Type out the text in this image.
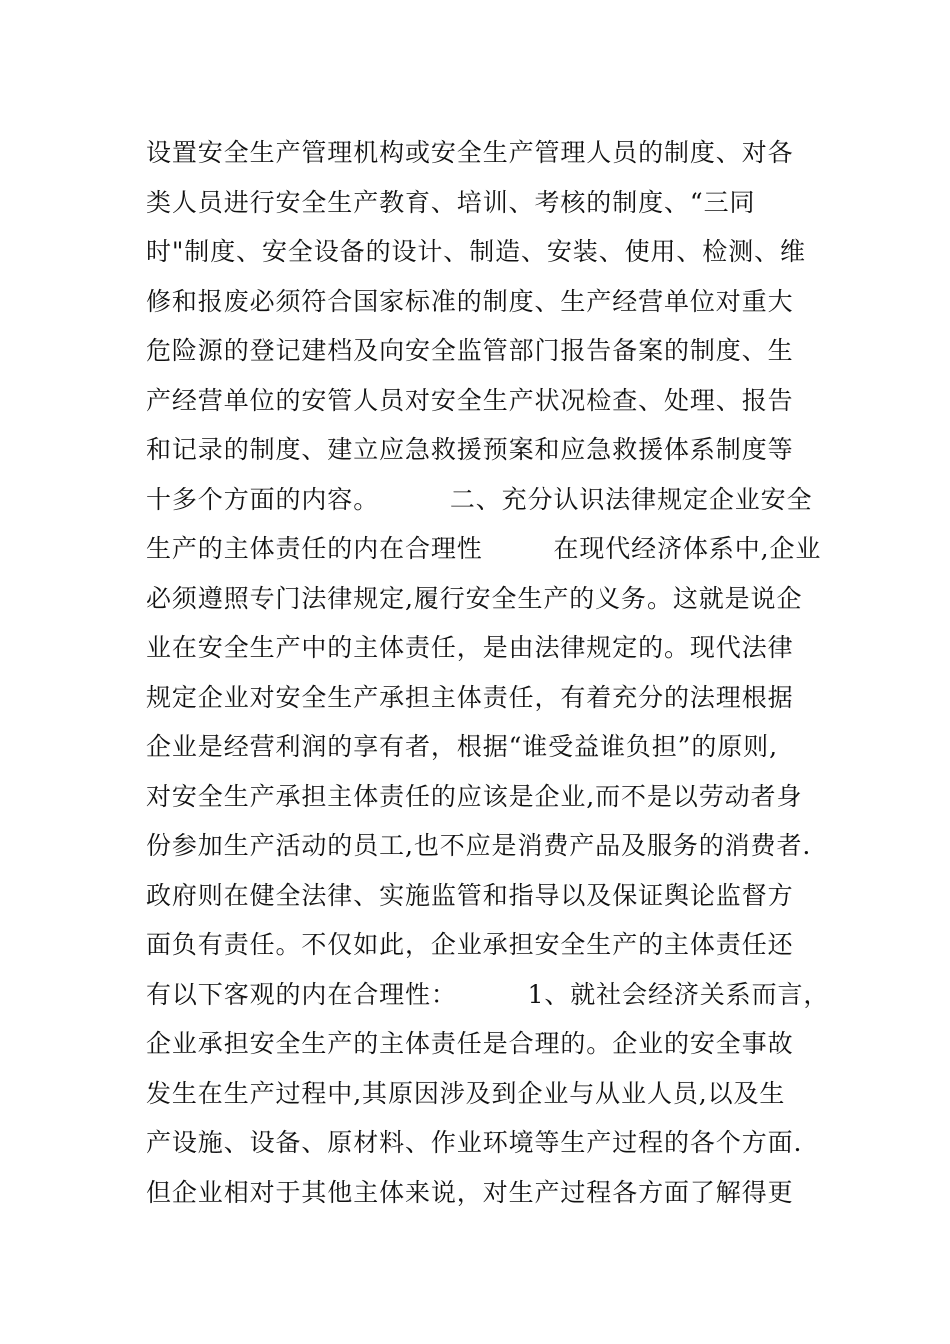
设置安全生产管理机构或安全生产管理人员的制度、对各
类人员进行安全生产教育、培训、考核的制度、“三同
时"制度、安全设备的设计、制造、安装、使用、检测、维
修和报废必须符合国家标准的制度、生产经营单位对重大
危险源的登记建档及向安全监管部门报告备案的制度、生
产经营单位的安管人员对安全生产状况检查、处理、报告
和记录的制度、建立应急救援预案和应急救援体系制度等
十多个方面的内容。        二、充分认识法律规定企业安全
生产的主体责任的内在合理性        在现代经济体系中,企业
必须遵照专门法律规定,履行安全生产的义务。这就是说企
业在安全生产中的主体责任，是由法律规定的。现代法律
规定企业对安全生产承担主体责任，有着充分的法理根据
企业是经营利润的享有者，根据“谁受益谁负担”的原则,
对安全生产承担主体责任的应该是企业,而不是以劳动者身
份参加生产活动的员工,也不应是消费产品及服务的消费者.
政府则在健全法律、实施监管和指导以及保证舆论监督方
面负有责任。不仅如此，企业承担安全生产的主体责任还
有以下客观的内在合理性：        1、就社会经济关系而言，
企业承担安全生产的主体责任是合理的。企业的安全事故
发生在生产过程中,其原因涉及到企业与从业人员,以及生
产设施、设备、原材料、作业环境等生产过程的各个方面.
但企业相对于其他主体来说，对生产过程各方面了解得更
